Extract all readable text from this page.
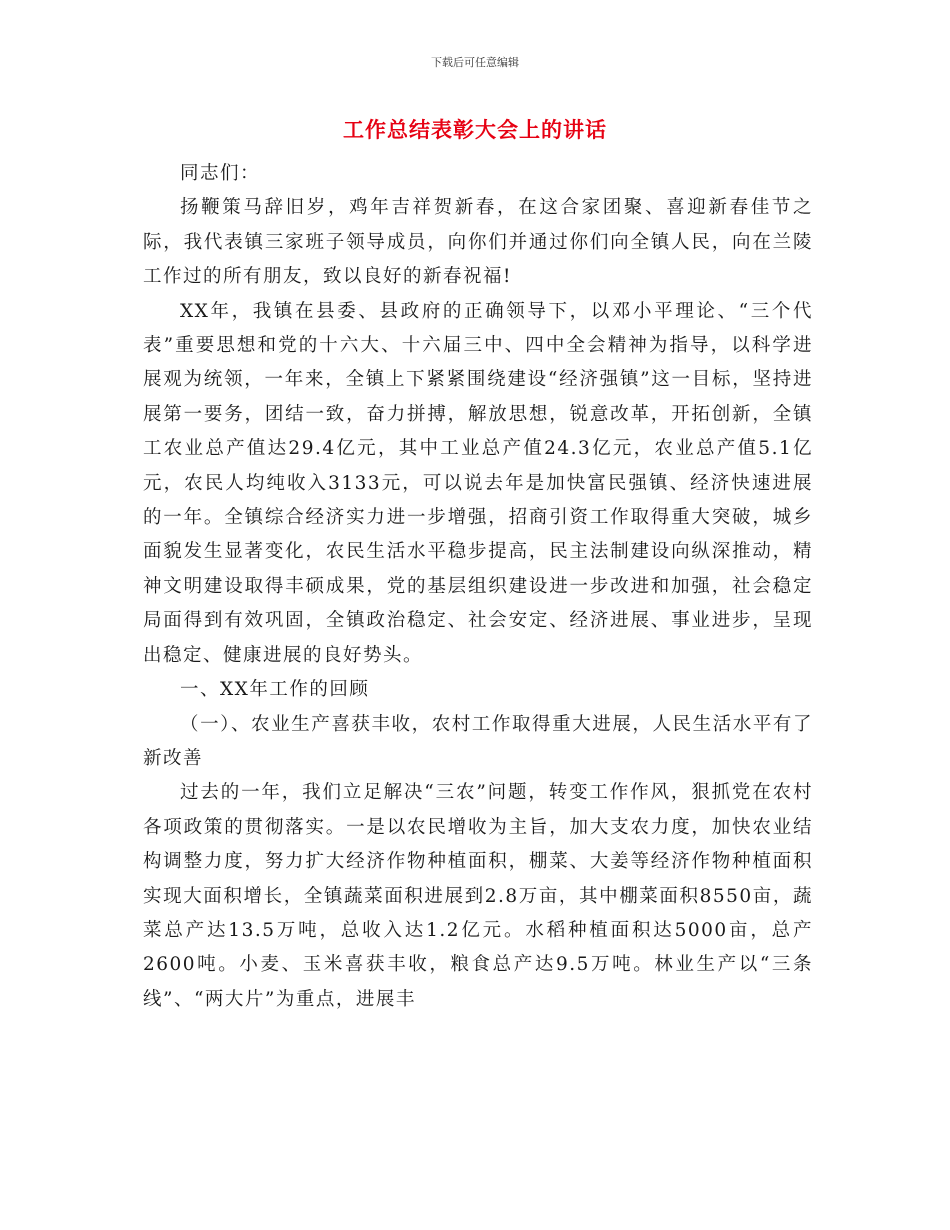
下载后可任意编辑
工作总结表彰大会上的讲话

同志们：

扬鞭策马辞旧岁，鸡年吉祥贺新春，在这合家团聚、喜迎新春佳节之际，我代表镇三家班子领导成员，向你们并通过你们向全镇人民，向在兰陵工作过的所有朋友，致以良好的新春祝福!

XX年，我镇在县委、县政府的正确领导下，以邓小平理论、“三个代表”重要思想和党的十六大、十六届三中、四中全会精神为指导，以科学进展观为统领，一年来，全镇上下紧紧围绕建设“经济强镇”这一目标，坚持进展第一要务，团结一致，奋力拼搏，解放思想，锐意改革，开拓创新，全镇工农业总产值达29.4亿元，其中工业总产值24.3亿元，农业总产值5.1亿元，农民人均纯收入3133元，可以说去年是加快富民强镇、经济快速进展的一年。全镇综合经济实力进一步增强，招商引资工作取得重大突破，城乡面貌发生显著变化，农民生活水平稳步提高，民主法制建设向纵深推动，精神文明建设取得丰硕成果，党的基层组织建设进一步改进和加强，社会稳定局面得到有效巩固，全镇政治稳定、社会安定、经济进展、事业进步，呈现出稳定、健康进展的良好势头。

一、XX年工作的回顾

（一）、农业生产喜获丰收，农村工作取得重大进展，人民生活水平有了新改善

过去的一年，我们立足解决“三农”问题，转变工作作风，狠抓党在农村各项政策的贯彻落实。一是以农民增收为主旨，加大支农力度，加快农业结构调整力度，努力扩大经济作物种植面积，棚菜、大姜等经济作物种植面积实现大面积增长，全镇蔬菜面积进展到2.8万亩，其中棚菜面积8550亩，蔬菜总产达13.5万吨，总收入达1.2亿元。水稻种植面积达5000亩，总产2600吨。小麦、玉米喜获丰收，粮食总产达9.5万吨。林业生产以“三条线”、“两大片”为重点，进展丰
